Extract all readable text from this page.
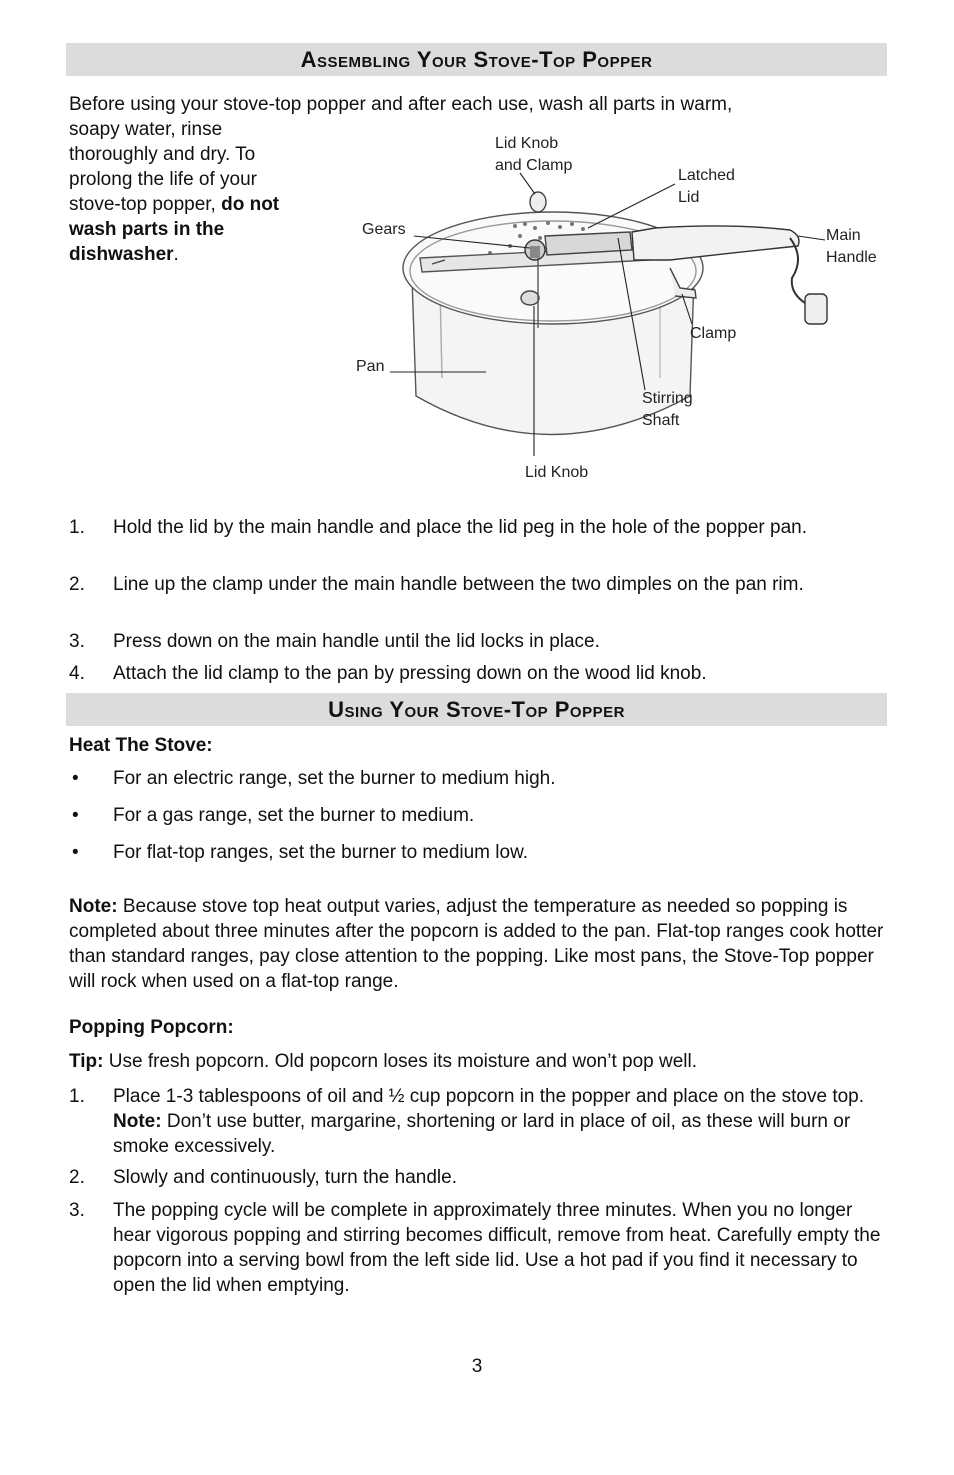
Assembling Your Stove-Top Popper

Before using your stove-top popper and after each use, wash all parts in warm,

soapy water, rinse

thoroughly and dry. To

prolong the life of your

stove-top popper, do not

wash parts in the

dishwasher.

Lid Knob
and Clamp
Latched
Lid
Gears	Main
Handle
Clamp
Pan
Stirring
Shaft
Lid Knob
1. Hold the lid by the main handle and place the lid peg in the hole of the popper pan.
2. Line up the clamp under the main handle between the two dimples on the pan rim.
3. Press down on the main handle until the lid locks in place.
4. Attach the lid clamp to the pan by pressing down on the wood lid knob.
Using Your Stove-Top Popper

Heat The Stove:

• For an electric range, set the burner to medium high.
• For a gas range, set the burner to medium.
• For flat-top ranges, set the burner to medium low.

Note: Because stove top heat output varies, adjust the temperature as needed so popping is completed about three minutes after the popcorn is added to the pan. Flat-top ranges cook hotter than standard ranges, pay close attention to the popping. Like most pans, the Stove-Top popper will rock when used on a flat-top range.

Popping Popcorn:

Tip: Use fresh popcorn. Old popcorn loses its moisture and won’t pop well.

1. Place 1-3 tablespoons of oil and ½ cup popcorn in the popper and place on the stove top. Note: Don’t use butter, margarine, shortening or lard in place of oil, as these will burn or smoke excessively.
2. Slowly and continuously, turn the handle.
3. The popping cycle will be complete in approximately three minutes. When you no longer hear vigorous popping and stirring becomes difficult, remove from heat. Carefully empty the popcorn into a serving bowl from the left side lid. Use a hot pad if you find it necessary to open the lid when emptying.
3
